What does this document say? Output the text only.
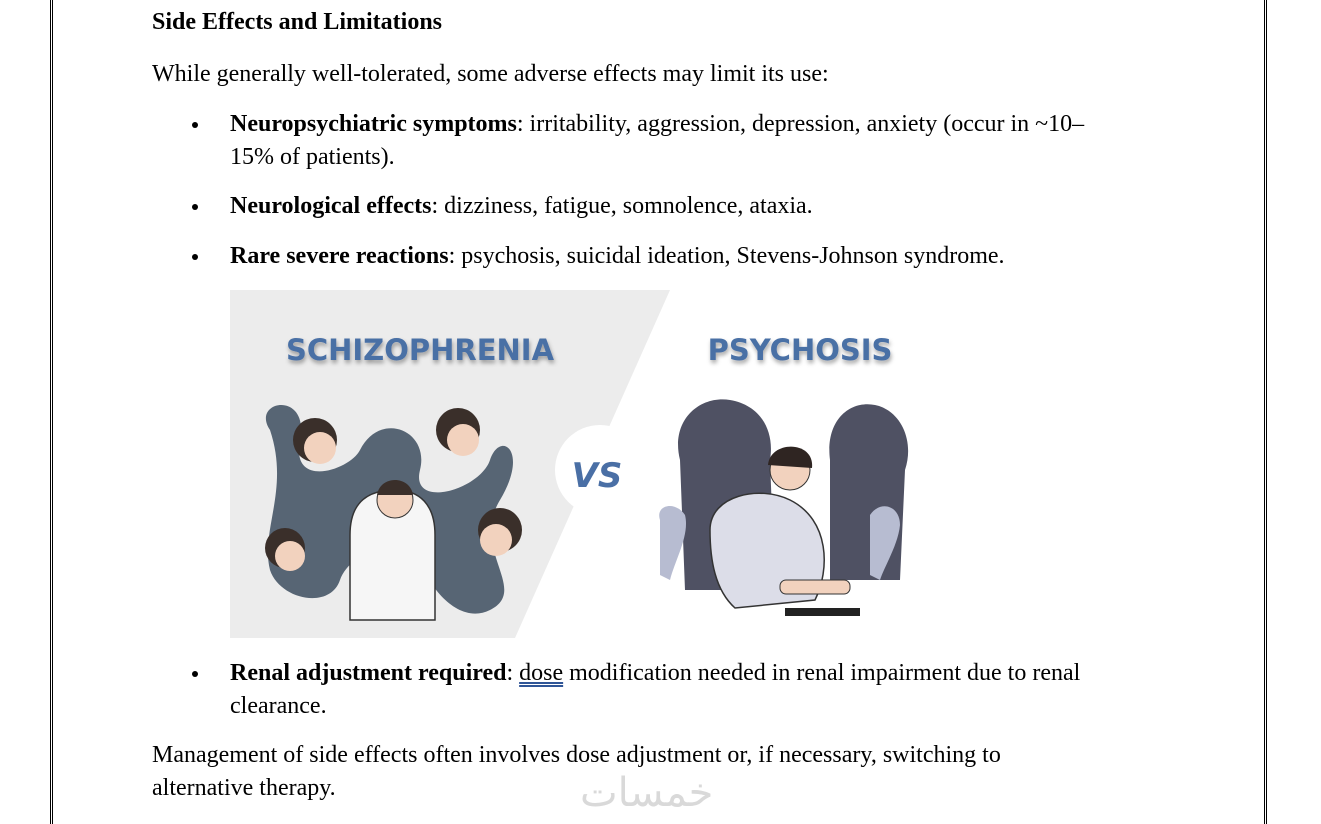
Side Effects and Limitations
While generally well-tolerated, some adverse effects may limit its use:
Neuropsychiatric symptoms: irritability, aggression, depression, anxiety (occur in ~10–
15% of patients).
Neurological effects: dizziness, fatigue, somnolence, ataxia.
Rare severe reactions: psychosis, suicidal ideation, Stevens-Johnson syndrome.
VS
SCHIZOPHRENIA	PSYCHOSIS
Renal adjustment required: dose modification needed in renal impairment due to renal
clearance.
Management of side effects often involves dose adjustment or, if necessary, switching to
alternative therapy.	خمسات
